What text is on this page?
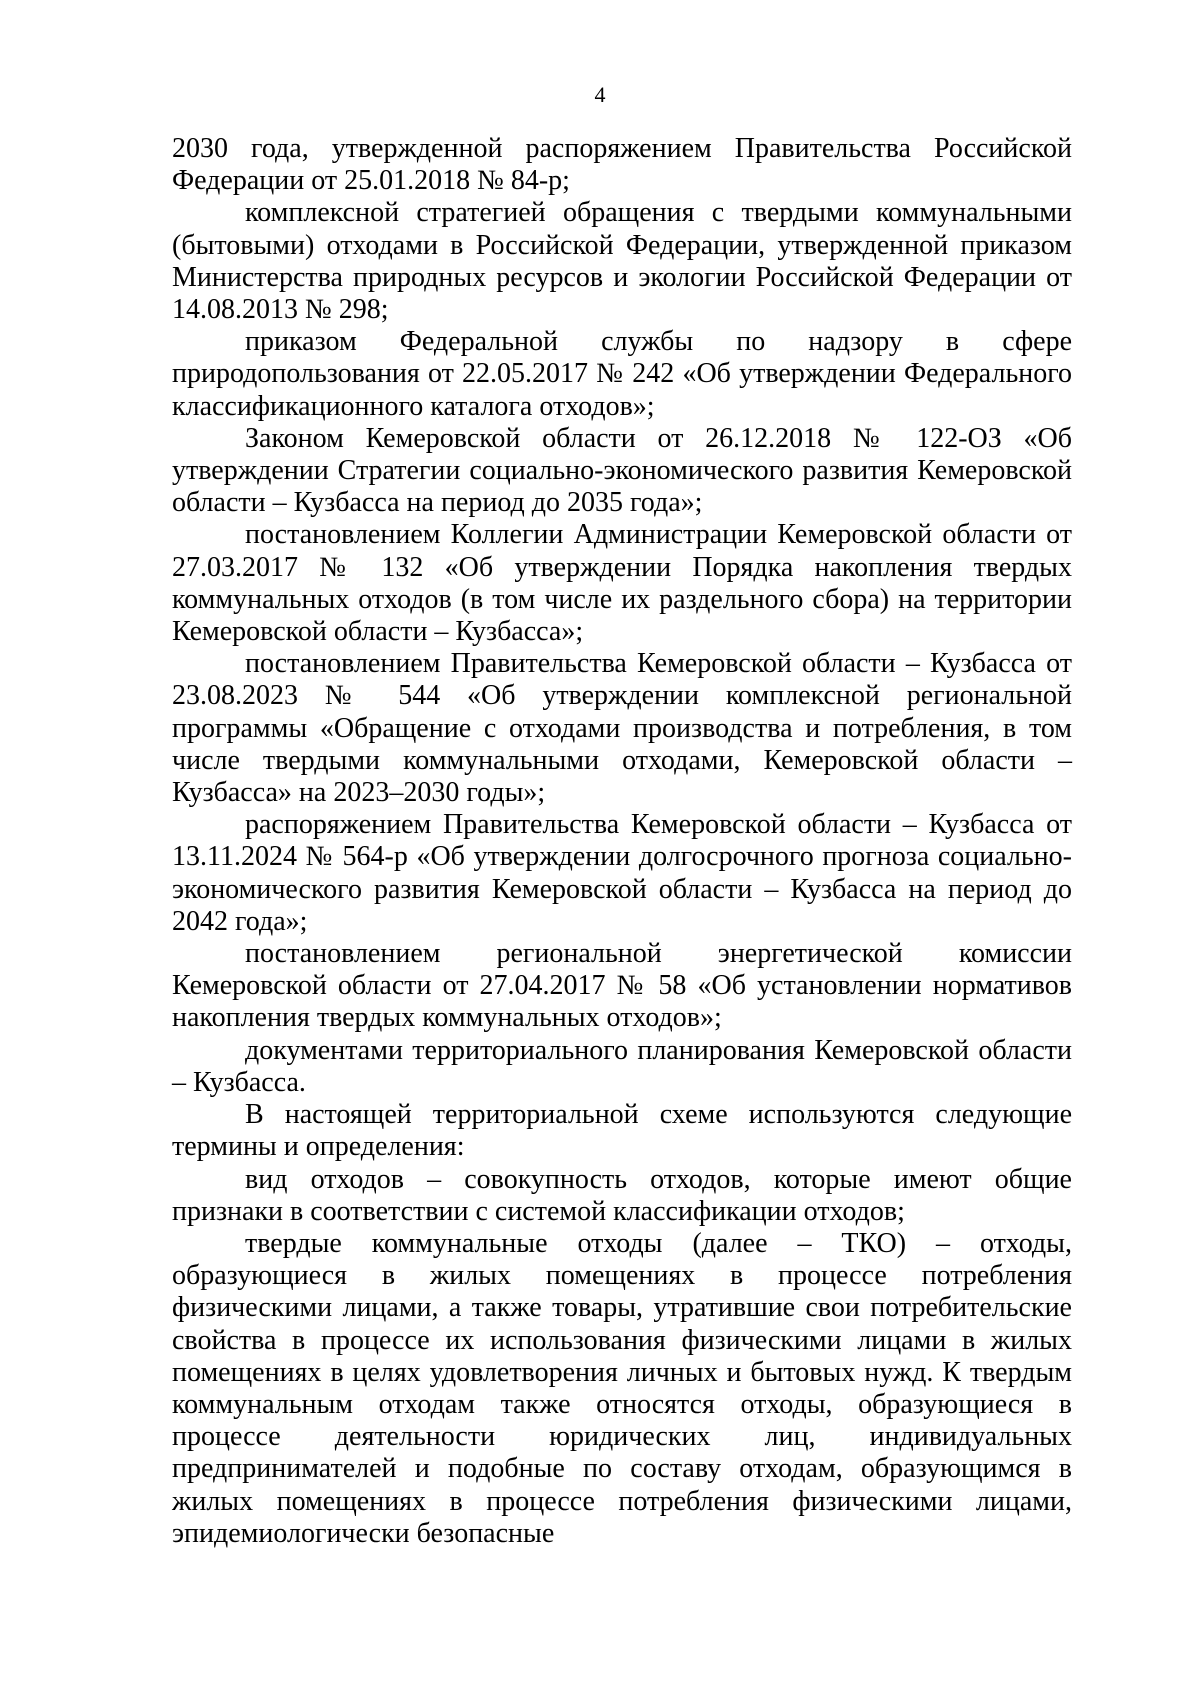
4

2030 года, утвержденной распоряжением Правительства Российской Федерации от 25.01.2018 № 84-р;

комплексной стратегией обращения с твердыми коммунальными (бытовыми) отходами в Российской Федерации, утвержденной приказом Министерства природных ресурсов и экологии Российской Федерации от 14.08.2013 № 298;

приказом Федеральной службы по надзору в сфере природопользования от 22.05.2017 № 242 «Об утверждении Федерального классификационного каталога отходов»;

Законом Кемеровской области от 26.12.2018 № 122-ОЗ «Об утверждении Стратегии социально-экономического развития Кемеровской области – Кузбасса на период до 2035 года»;

постановлением Коллегии Администрации Кемеровской области от 27.03.2017 № 132 «Об утверждении Порядка накопления твердых коммунальных отходов (в том числе их раздельного сбора) на территории Кемеровской области – Кузбасса»;

постановлением Правительства Кемеровской области – Кузбасса от 23.08.2023 № 544 «Об утверждении комплексной региональной программы «Обращение с отходами производства и потребления, в том числе твердыми коммунальными отходами, Кемеровской области – Кузбасса» на 2023–2030 годы»;

распоряжением Правительства Кемеровской области – Кузбасса от 13.11.2024 № 564-р «Об утверждении долгосрочного прогноза социально-экономического развития Кемеровской области – Кузбасса на период до 2042 года»;

постановлением региональной энергетической комиссии Кемеровской области от 27.04.2017 № 58 «Об установлении нормативов накопления твердых коммунальных отходов»;

документами территориального планирования Кемеровской области – Кузбасса.

В настоящей территориальной схеме используются следующие термины и определения:

вид отходов – совокупность отходов, которые имеют общие признаки в соответствии с системой классификации отходов;

твердые коммунальные отходы (далее – ТКО) – отходы, образующиеся в жилых помещениях в процессе потребления физическими лицами, а также товары, утратившие свои потребительские свойства в процессе их использования физическими лицами в жилых помещениях в целях удовлетворения личных и бытовых нужд. К твердым коммунальным отходам также относятся отходы, образующиеся в процессе деятельности юридических лиц, индивидуальных предпринимателей и подобные по составу отходам, образующимся в жилых помещениях в процессе потребления физическими лицами, эпидемиологически безопасные
